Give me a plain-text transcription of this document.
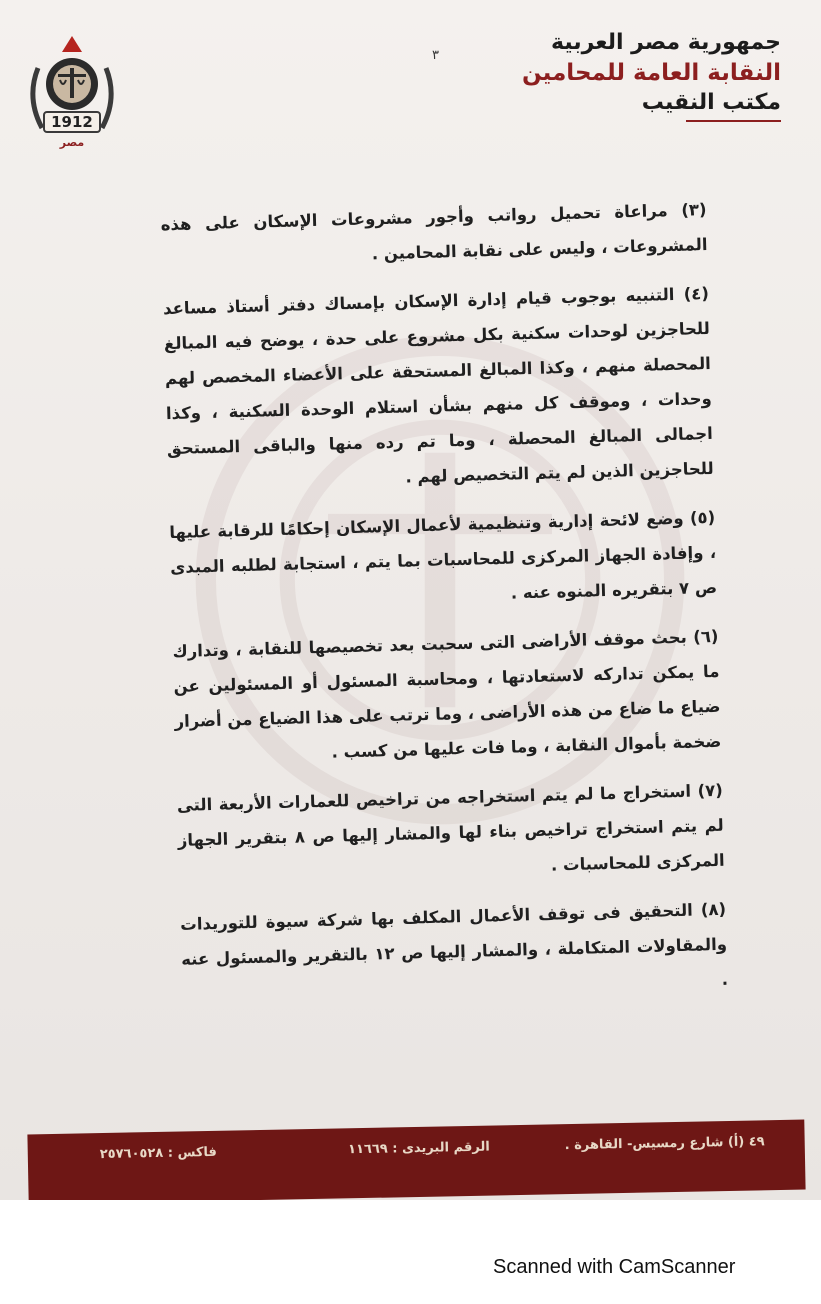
1912
مصر
٣
جمهورية مصر العربية
النقابة العامة للمحامين
مكتب النقيب

(٣) مراعاة تحميل رواتب وأجور مشروعات الإسكان على هذه المشروعات ، وليس على نقابة المحامين .

(٤) التنبيه بوجوب قيام إدارة الإسكان بإمساك دفتر أستاذ مساعد للحاجزين لوحدات سكنية بكل مشروع على حدة ، يوضح فيه المبالغ المحصلة منهم ، وكذا المبالغ المستحقة على الأعضاء المخصص لهم وحدات ، وموقف كل منهم بشأن استلام الوحدة السكنية ، وكذا اجمالى المبالغ المحصلة ، وما تم رده منها والباقى المستحق للحاجزين الذين لم يتم التخصيص لهم .

(٥) وضع لائحة إدارية وتنظيمية لأعمال الإسكان إحكامًا للرقابة عليها ، وإفادة الجهاز المركزى للمحاسبات بما يتم ، استجابة لطلبه المبدى ص ٧ بتقريره المنوه عنه .

(٦) بحث موقف الأراضى التى سحبت بعد تخصيصها للنقابة ، وتدارك ما يمكن تداركه لاستعادتها ، ومحاسبة المسئول أو المسئولين عن ضياع ما ضاع من هذه الأراضى ، وما ترتب على هذا الضياع من أضرار ضخمة بأموال النقابة ، وما فات عليها من كسب .

(٧) استخراج ما لم يتم استخراجه من تراخيص للعمارات الأربعة التى لم يتم استخراج تراخيص بناء لها والمشار إليها ص ٨ بتقرير الجهاز المركزى للمحاسبات .

(٨) التحقيق فى توقف الأعمال المكلف بها شركة سيوة للتوريدات والمقاولات المتكاملة ، والمشار إليها ص ١٢ بالتقرير والمسئول عنه .

٤٩ (أ) شارع رمسيس- القاهرة .
الرقم البريدى : ١١٦٦٩
فاكس : ٢٥٧٦٠٥٢٨
Scanned with CamScanner
